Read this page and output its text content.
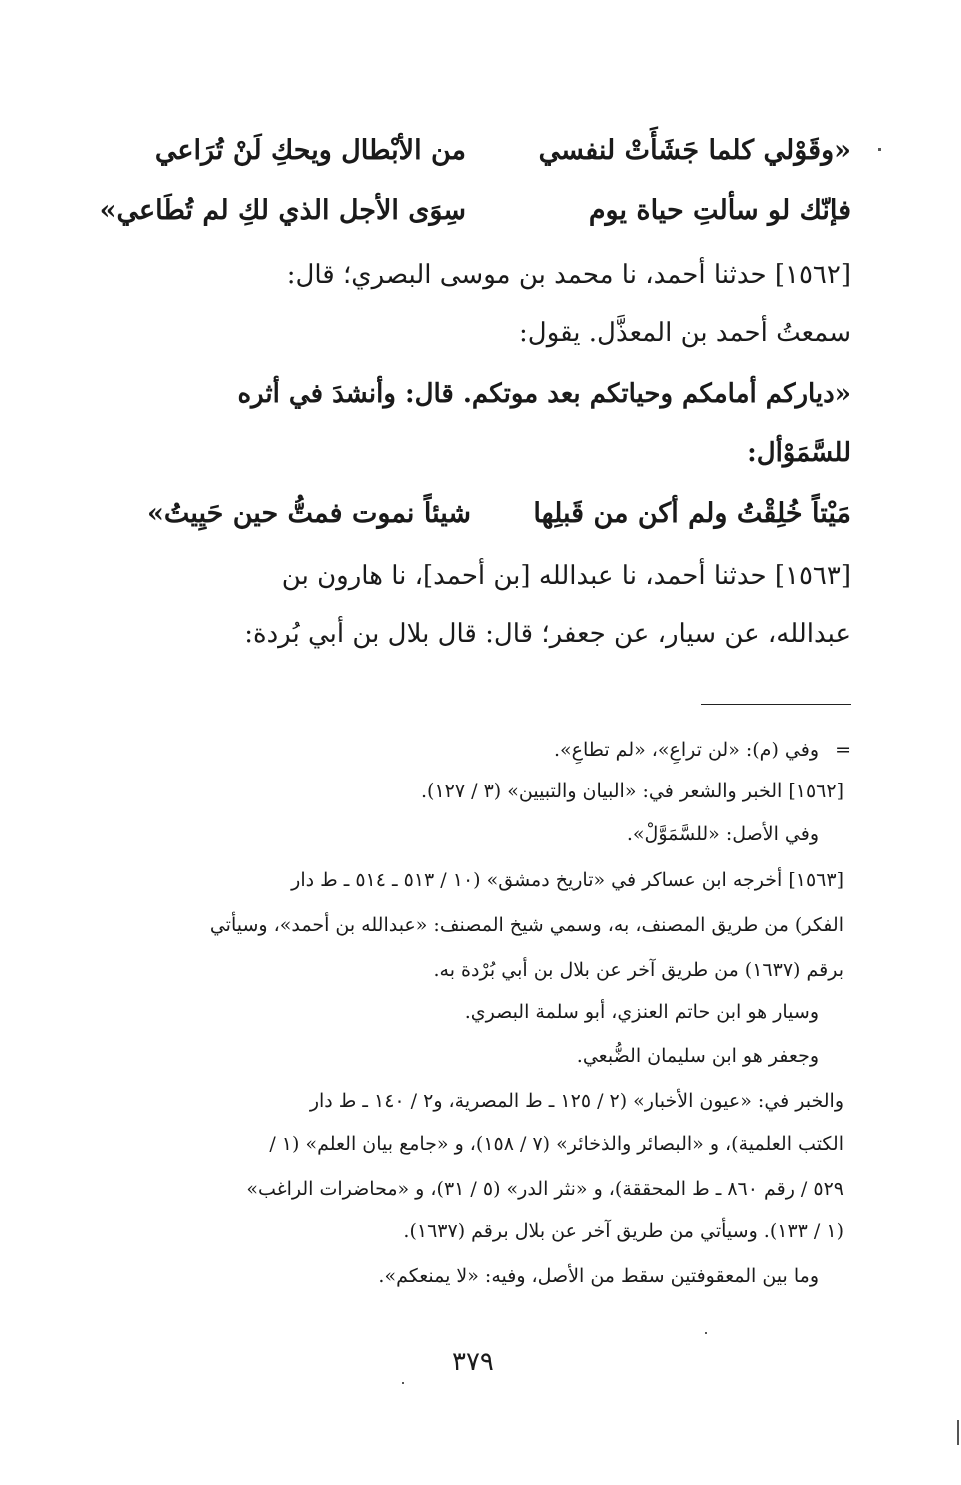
«وقَوْلي كلما جَشَأَتْ لنفسي
من الأبْطال ويحكِ لَنْ تُرَاعي
فإنّك لو سألتِ حياة يوم
سِوَى الأجل الذي لكِ لم تُطَاعي»
[١٥٦٢] حدثنا أحمد، نا محمد بن موسى البصري؛ قال:
سمعتُ أحمد بن المعذَّل. يقول:
«دياركم أمامكم وحياتكم بعد موتكم. قال: وأنشدَ في أثره
للسَّمَوْأل:
مَيْتاً خُلِقْتُ ولم أكن من قَبلِها
شيئاً نموت فمتُّ حين حَيِيتُ»
[١٥٦٣] حدثنا أحمد، نا عبدالله [بن أحمد]، نا هارون بن
عبدالله، عن سيار، عن جعفر؛ قال: قال بلال بن أبي بُردة:
=
وفي (م): «لن تراعِ»، «لم تطاعِ».
[١٥٦٢] الخبر والشعر في: «البيان والتبيين» (٣ / ١٢٧).
وفي الأصل: «للسَّمَوَّلْ».
[١٥٦٣] أخرجه ابن عساكر في «تاريخ دمشق» (١٠ / ٥١٣ ـ ٥١٤ ـ ط دار
الفكر) من طريق المصنف، به، وسمي شيخ المصنف: «عبدالله بن أحمد»، وسيأتي
برقم (١٦٣٧) من طريق آخر عن بلال بن أبي بُرْدة به.
وسيار هو ابن حاتم العنزي، أبو سلمة البصري.
وجعفر هو ابن سليمان الضُّبعي.
والخبر في: «عيون الأخبار» (٢ / ١٢٥ ـ ط المصرية، و٢ / ١٤٠ ـ ط دار
الكتب العلمية)، و «البصائر والذخائر» (٧ / ١٥٨)، و «جامع بيان العلم» (١ /
٥٢٩ / رقم ٨٦٠ ـ ط المحققة)، و «نثر الدر» (٥ / ٣١)، و «محاضرات الراغب»
(١ / ١٣٣). وسيأتي من طريق آخر عن بلال برقم (١٦٣٧).
وما بين المعقوفتين سقط من الأصل، وفيه: «لا يمنعكم».
٣٧٩
